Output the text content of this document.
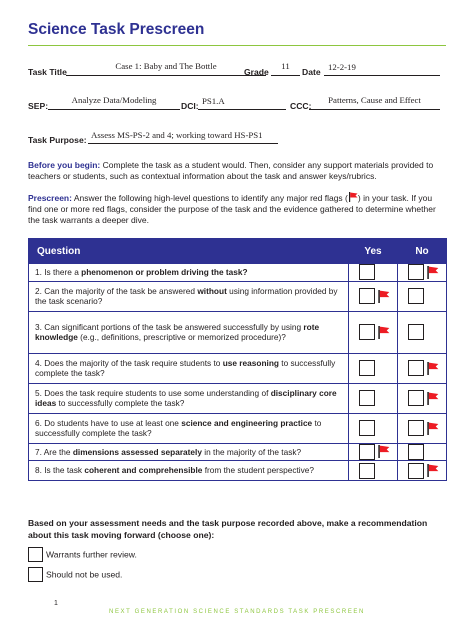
Science Task Prescreen
Task Title
Case 1: Baby and The Bottle
Grade
11
Date 12-2-19
SEP:
Analyze Data/Modeling
DCI: PS1.A	CCC:
Patterns, Cause and Effect
Task Purpose: Assess MS-PS-2 and 4; working toward HS-PS1
Before you begin: Complete the task as a student would. Then, consider any support materials provided to teachers or students, such as contextual information about the task and answer keys/rubrics.
Prescreen: Answer the following high-level questions to identify any major red flags ( ) in your task. If you find one or more red flags, consider the purpose of the task and the evidence gathered to determine whether the task warrants a deeper dive.
Question	Yes	No
1. Is there a phenomenon or problem driving the task?		
2. Can the majority of the task be answered without using information provided by the task scenario?		
3. Can significant portions of the task be answered successfully by using rote knowledge (e.g., definitions, prescriptive or memorized procedure)?		
4. Does the majority of the task require students to use reasoning to successfully complete the task?		
5. Does the task require students to use some understanding of disciplinary core ideas to successfully complete the task?		
6. Do students have to use at least one science and engineering practice to successfully complete the task?		
7. Are the dimensions assessed separately in the majority of the task?		
8. Is the task coherent and comprehensible from the student perspective?		
Based on your assessment needs and the task purpose recorded above, make a recommendation about this task moving forward (choose one):
Warrants further review.
Should not be used.
1
NEXT GENERATION SCIENCE STANDARDS TASK PRESCREEN
